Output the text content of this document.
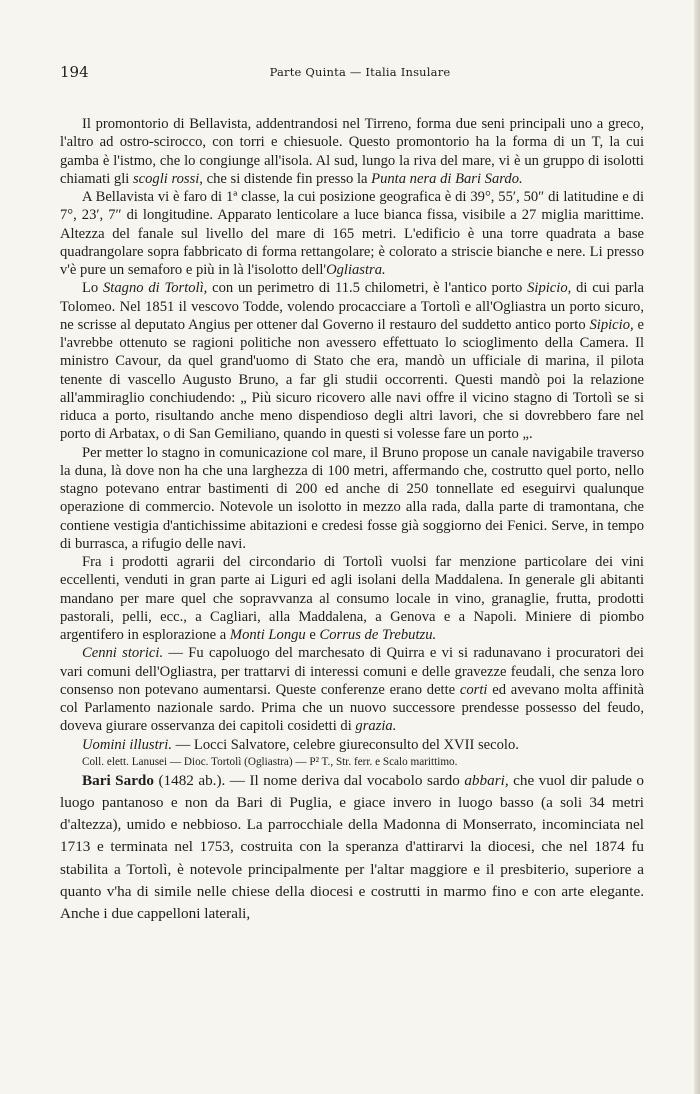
194	Parte Quinta — Italia Insulare

Il promontorio di Bellavista, addentrandosi nel Tirreno, forma due seni principali uno a greco, l'altro ad ostro-scirocco, con torri e chiesuole. Questo promontorio ha la forma di un T, la cui gamba è l'istmo, che lo congiunge all'isola. Al sud, lungo la riva del mare, vi è un gruppo di isolotti chiamati gli scogli rossi, che si distende fin presso la Punta nera di Bari Sardo.

A Bellavista vi è faro di 1ª classe, la cui posizione geografica è di 39°, 55′, 50″ di latitudine e di 7°, 23′, 7″ di longitudine. Apparato lenticolare a luce bianca fissa, visibile a 27 miglia marittime. Altezza del fanale sul livello del mare di 165 metri. L'edificio è una torre quadrata a base quadrangolare sopra fabbricato di forma rettangolare; è colorato a striscie bianche e nere. Li presso v'è pure un semaforo e più in là l'isolotto dell'Ogliastra.

Lo Stagno di Tortolì, con un perimetro di 11.5 chilometri, è l'antico porto Sipicio, di cui parla Tolomeo. Nel 1851 il vescovo Todde, volendo procacciare a Tortolì e all'Ogliastra un porto sicuro, ne scrisse al deputato Angius per ottener dal Governo il restauro del suddetto antico porto Sipicio, e l'avrebbe ottenuto se ragioni politiche non avessero effettuato lo scioglimento della Camera. Il ministro Cavour, da quel grand'uomo di Stato che era, mandò un ufficiale di marina, il pilota tenente di vascello Augusto Bruno, a far gli studii occorrenti. Questi mandò poi la relazione all'ammiraglio conchiudendo: „ Più sicuro ricovero alle navi offre il vicino stagno di Tortolì se si riduca a porto, risultando anche meno dispendioso degli altri lavori, che si dovrebbero fare nel porto di Arbatax, o di San Gemiliano, quando in questi si volesse fare un porto „.

Per metter lo stagno in comunicazione col mare, il Bruno propose un canale navigabile traverso la duna, là dove non ha che una larghezza di 100 metri, affermando che, costrutto quel porto, nello stagno potevano entrar bastimenti di 200 ed anche di 250 tonnellate ed eseguirvi qualunque operazione di commercio. Notevole un isolotto in mezzo alla rada, dalla parte di tramontana, che contiene vestigia d'antichissime abitazioni e credesi fosse già soggiorno dei Fenici. Serve, in tempo di burrasca, a rifugio delle navi.

Fra i prodotti agrarii del circondario di Tortolì vuolsi far menzione particolare dei vini eccellenti, venduti in gran parte ai Liguri ed agli isolani della Maddalena. In generale gli abitanti mandano per mare quel che sopravvanza al consumo locale in vino, granaglie, frutta, prodotti pastorali, pelli, ecc., a Cagliari, alla Maddalena, a Genova e a Napoli. Miniere di piombo argentifero in esplorazione a Monti Longu e Corrus de Trebutzu.

Cenni storici. — Fu capoluogo del marchesato di Quirra e vi si radunavano i procuratori dei vari comuni dell'Ogliastra, per trattarvi di interessi comuni e delle gravezze feudali, che senza loro consenso non potevano aumentarsi. Queste conferenze erano dette corti ed avevano molta affinità col Parlamento nazionale sardo. Prima che un nuovo successore prendesse possesso del feudo, doveva giurare osservanza dei capitoli cosidetti di grazia.

Uomini illustri. — Locci Salvatore, celebre giureconsulto del XVII secolo.

Coll. elett. Lanusei — Dioc. Tortolì (Ogliastra) — P² T., Str. ferr. e Scalo marittimo.

Bari Sardo (1482 ab.). — Il nome deriva dal vocabolo sardo abbari, che vuol dir palude o luogo pantanoso e non da Bari di Puglia, e giace invero in luogo basso (a soli 34 metri d'altezza), umido e nebbioso. La parrocchiale della Madonna di Monserrato, incominciata nel 1713 e terminata nel 1753, costruita con la speranza d'attirarvi la diocesi, che nel 1874 fu stabilita a Tortolì, è notevole principalmente per l'altar maggiore e il presbiterio, superiore a quanto v'ha di simile nelle chiese della diocesi e costrutti in marmo fino e con arte elegante. Anche i due cappelloni laterali,
